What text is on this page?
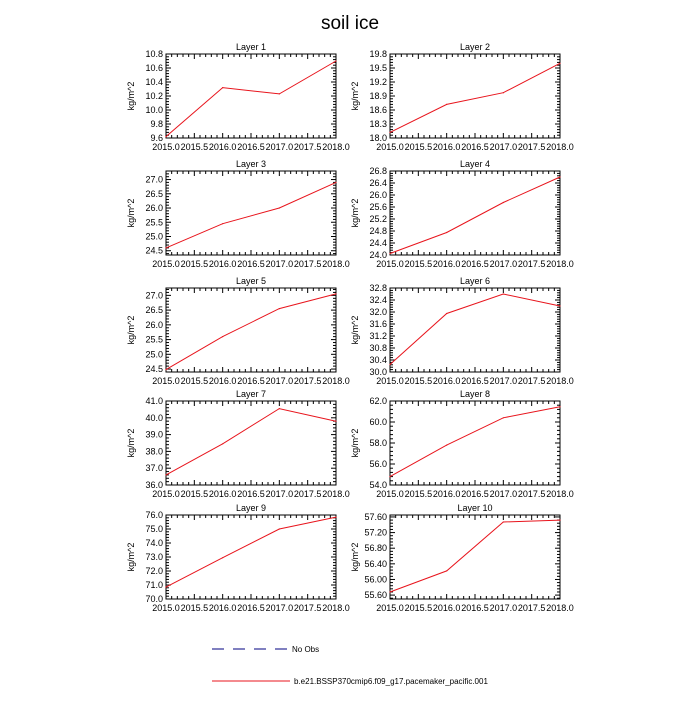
soil ice
Layer 1
kg/m^2
2015.0 2015.5 2016.0 2016.5 2017.0 2017.5 2018.0
9.6
9.8
10.0
10.2
10.4
10.6
10.8
Layer 2
kg/m^2
2015.0 2015.5 2016.0 2016.5 2017.0 2017.5 2018.0
18.0
18.3
18.6
18.9
19.2
19.5
19.8
Layer 3
kg/m^2
2015.0 2015.5 2016.0 2016.5 2017.0 2017.5 2018.0
24.5
25.0
25.5
26.0
26.5
27.0
Layer 4
kg/m^2
2015.0 2015.5 2016.0 2016.5 2017.0 2017.5 2018.0
24.0
24.4
24.8
25.2
25.6
26.0
26.4
26.8
Layer 5
kg/m^2
2015.0 2015.5 2016.0 2016.5 2017.0 2017.5 2018.0
24.5
25.0
25.5
26.0
26.5
27.0
Layer 6
kg/m^2
2015.0 2015.5 2016.0 2016.5 2017.0 2017.5 2018.0
30.0
30.4
30.8
31.2
31.6
32.0
32.4
32.8
Layer 7
kg/m^2
2015.0 2015.5 2016.0 2016.5 2017.0 2017.5 2018.0
36.0
37.0
38.0
39.0
40.0
41.0
Layer 8
kg/m^2
2015.0 2015.5 2016.0 2016.5 2017.0 2017.5 2018.0
54.0
56.0
58.0
60.0
62.0
Layer 9
kg/m^2
2015.0 2015.5 2016.0 2016.5 2017.0 2017.5 2018.0
70.0
71.0
72.0
73.0
74.0
75.0
76.0
Layer 10
kg/m^2
2015.0 2015.5 2016.0 2016.5 2017.0 2017.5 2018.0
55.60
56.00
56.40
56.80
57.20
57.60
No Obs
b.e21.BSSP370cmip6.f09_g17.pacemaker_pacific.001
